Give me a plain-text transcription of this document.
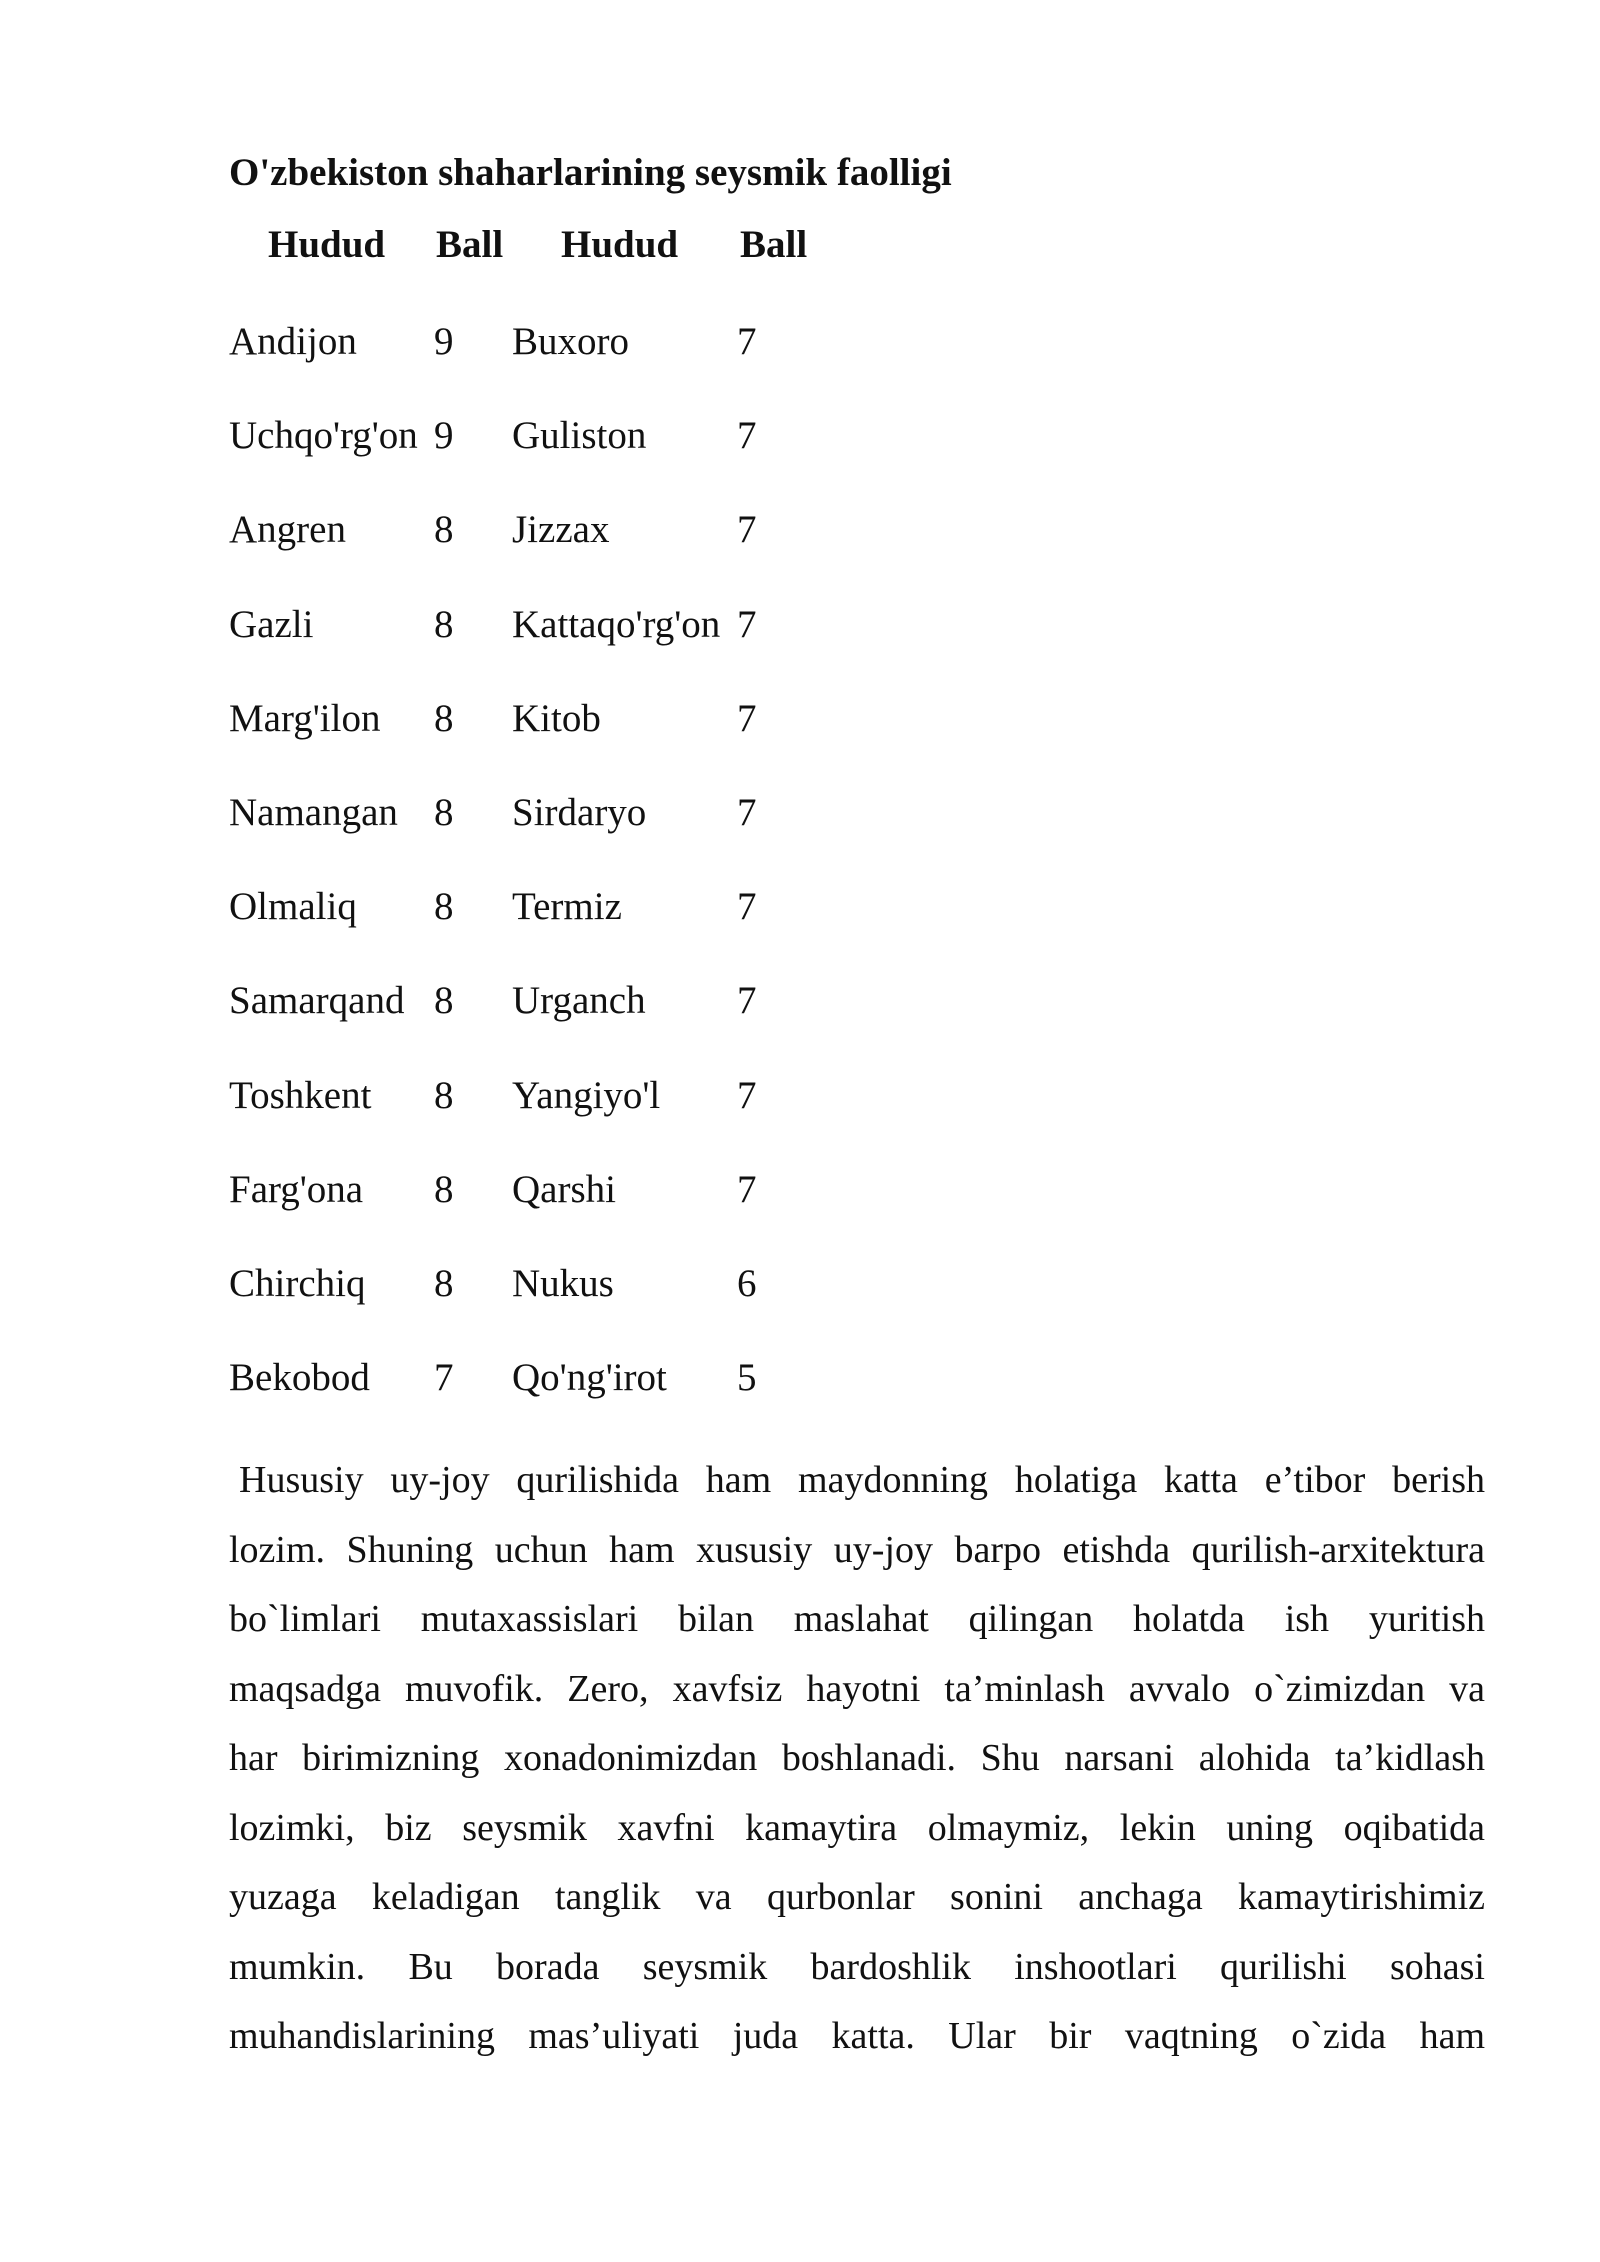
O'zbekiston shaharlarining seysmik faolligi
Hudud Ball Hudud Ball
Andijon 9 Buxoro	7
Uchqo'rg'on 9 Guliston 7
Angren 8 Jizzax	7
Gazli	8 Kattaqo'rg'on 7
Marg'ilon 8 Kitob	7
Namangan 8 Sirdaryo 7
Olmaliq 8 Termiz	7
Samarqand 8 Urganch 7
Toshkent 8 Yangiyo'l 7
Farg'ona 8 Qarshi	7
Chirchiq 8 Nukus	6
Bekobod 7 Qo'ng'irot 5
Hususiy uy-joy qurilishida ham maydonning holatiga katta e’tibor berish
lozim. Shuning uchun ham xususiy uy-joy barpo etishda qurilish-arxitektura
bo`limlari mutaxassislari bilan maslahat qilingan holatda ish yuritish
maqsadga muvofik. Zero, xavfsiz hayotni ta’minlash avvalo o`zimizdan va
har birimizning xonadonimizdan boshlanadi. Shu narsani alohida ta’kidlash
lozimki, biz seysmik xavfni kamaytira olmaymiz, lekin uning oqibatida
yuzaga keladigan tanglik va qurbonlar sonini anchaga kamaytirishimiz
mumkin. Bu borada seysmik bardoshlik inshootlari qurilishi sohasi
muhandislarining mas’uliyati juda katta. Ular bir vaqtning o`zida ham
